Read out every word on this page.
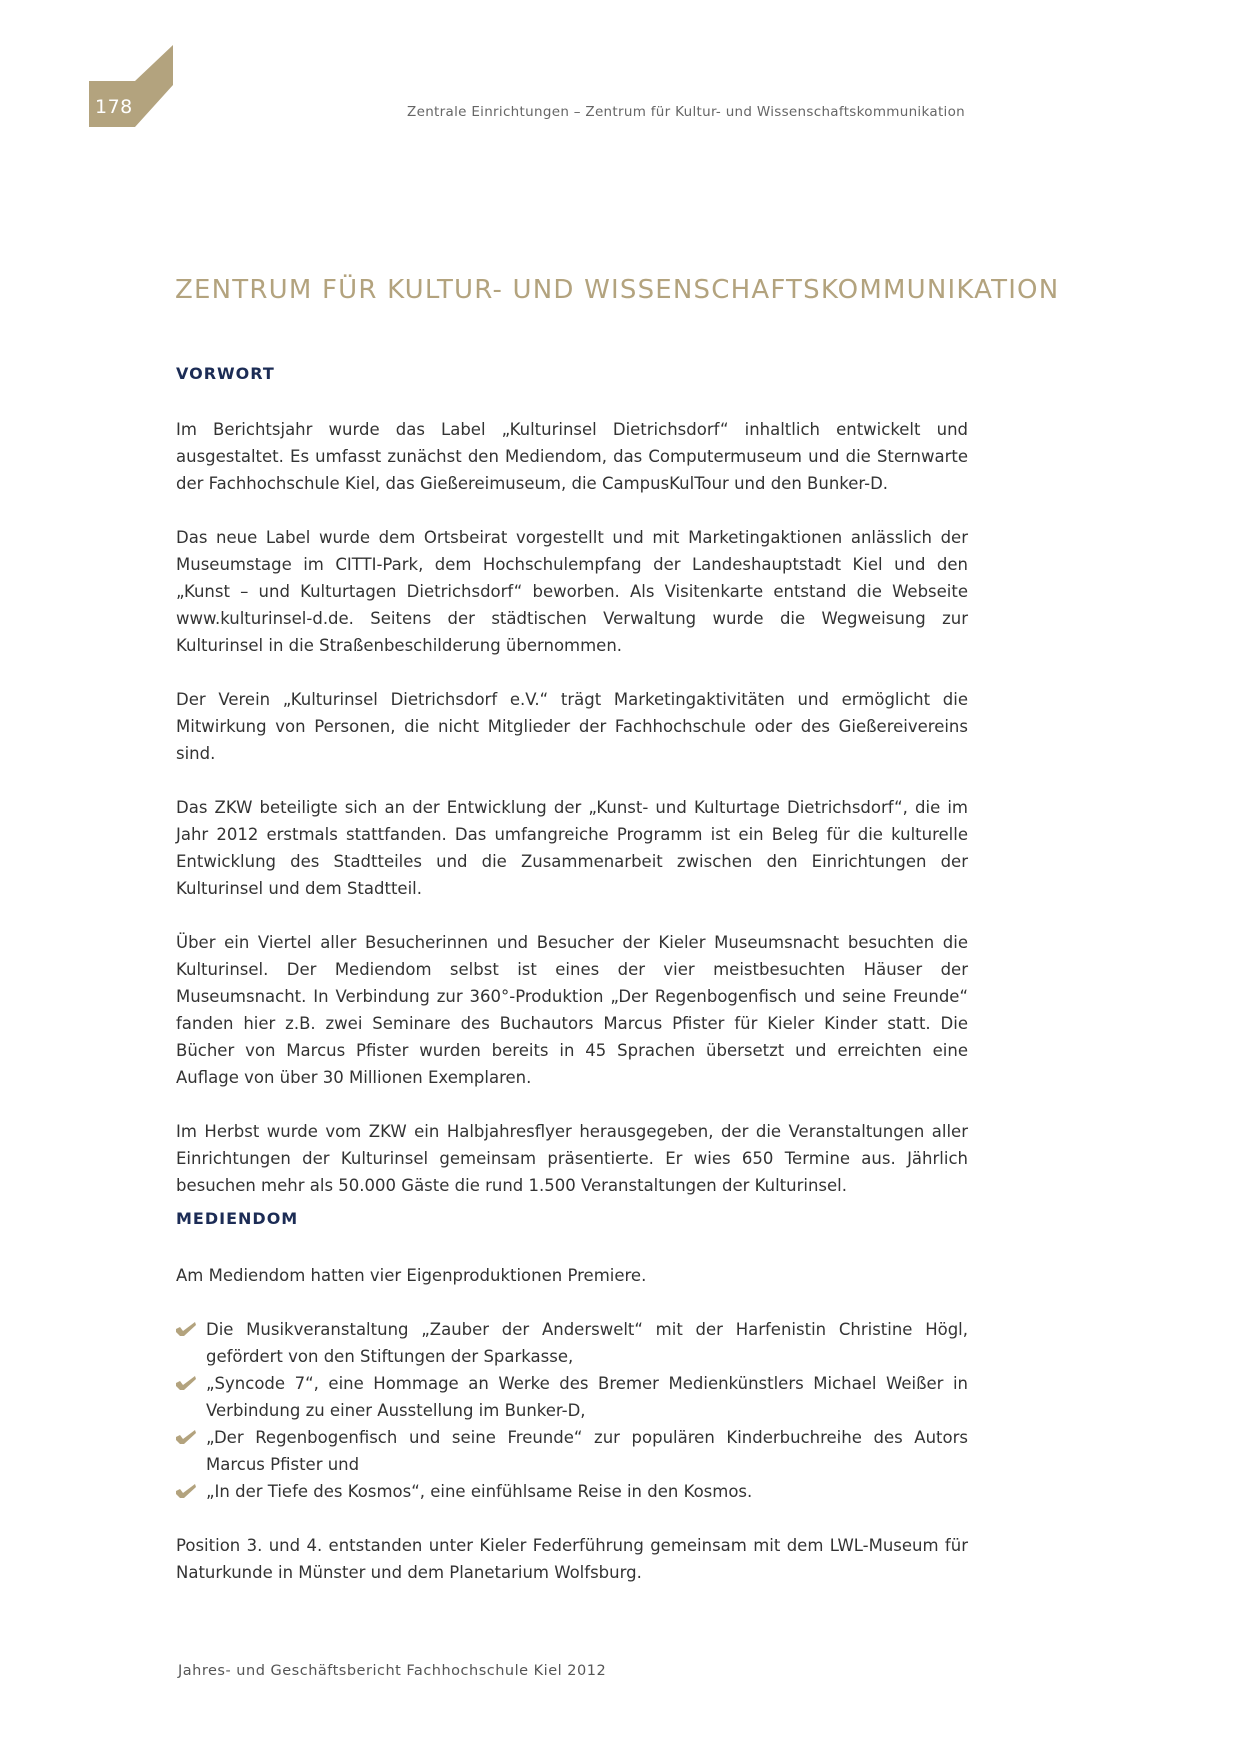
178	Zentrale Einrichtungen – Zentrum für Kultur- und Wissenschaftskommunikation
ZENTRUM FÜR KULTUR- UND WISSENSCHAFTSKOMMUNIKATION
VORWORT

Im Berichtsjahr wurde das Label „Kulturinsel Dietrichsdorf“ inhaltlich entwickelt und ausgestaltet. Es umfasst zunächst den Mediendom, das Computermuseum und die Sternwarte der Fachhochschule Kiel, das Gießereimuseum, die CampusKulTour und den Bunker-D.

Das neue Label wurde dem Ortsbeirat vorgestellt und mit Marketingaktionen anlässlich der Museumstage im CITTI-Park, dem Hochschulempfang der Landeshauptstadt Kiel und den „Kunst – und Kulturtagen Dietrichsdorf“ beworben. Als Visitenkarte entstand die Webseite www.kulturinsel-d.de. Seitens der städtischen Verwaltung wurde die Wegweisung zur Kulturinsel in die Straßenbeschilderung übernommen.

Der Verein „Kulturinsel Dietrichsdorf e.V.“ trägt Marketingaktivitäten und ermöglicht die Mitwirkung von Personen, die nicht Mitglieder der Fachhochschule oder des Gießereivereins sind.

Das ZKW beteiligte sich an der Entwicklung der „Kunst- und Kulturtage Dietrichsdorf“, die im Jahr 2012 erstmals stattfanden. Das umfangreiche Programm ist ein Beleg für die kulturelle Entwicklung des Stadtteiles und die Zusammenarbeit zwischen den Einrichtungen der Kulturinsel und dem Stadtteil.

Über ein Viertel aller Besucherinnen und Besucher der Kieler Museumsnacht besuchten die Kulturinsel. Der Mediendom selbst ist eines der vier meistbesuchten Häuser der Museumsnacht. In Verbindung zur 360°-Produktion „Der Regenbogenfisch und seine Freunde“ fanden hier z.B. zwei Seminare des Buchautors Marcus Pfister für Kieler Kinder statt. Die Bücher von Marcus Pfister wurden bereits in 45 Sprachen übersetzt und erreichten eine Auflage von über 30 Millionen Exemplaren.

Im Herbst wurde vom ZKW ein Halbjahresflyer herausgegeben, der die Veranstaltungen aller Einrichtungen der Kulturinsel gemeinsam präsentierte. Er wies 650 Termine aus. Jährlich besuchen mehr als 50.000 Gäste die rund 1.500 Veranstaltungen der Kulturinsel.

MEDIENDOM

Am Mediendom hatten vier Eigenproduktionen Premiere.

Die Musikveranstaltung „Zauber der Anderswelt“ mit der Harfenistin Christine Högl, gefördert von den Stiftungen der Sparkasse,
„Syncode 7“, eine Hommage an Werke des Bremer Medienkünstlers Michael Weißer in Verbindung zu einer Ausstellung im Bunker-D,
„Der Regenbogenfisch und seine Freunde“ zur populären Kinderbuchreihe des Autors Marcus Pfister und
„In der Tiefe des Kosmos“, eine einfühlsame Reise in den Kosmos.

Position 3. und 4. entstanden unter Kieler Federführung gemeinsam mit dem LWL-Museum für Naturkunde in Münster und dem Planetarium Wolfsburg.

Jahres- und Geschäftsbericht Fachhochschule Kiel 2012
